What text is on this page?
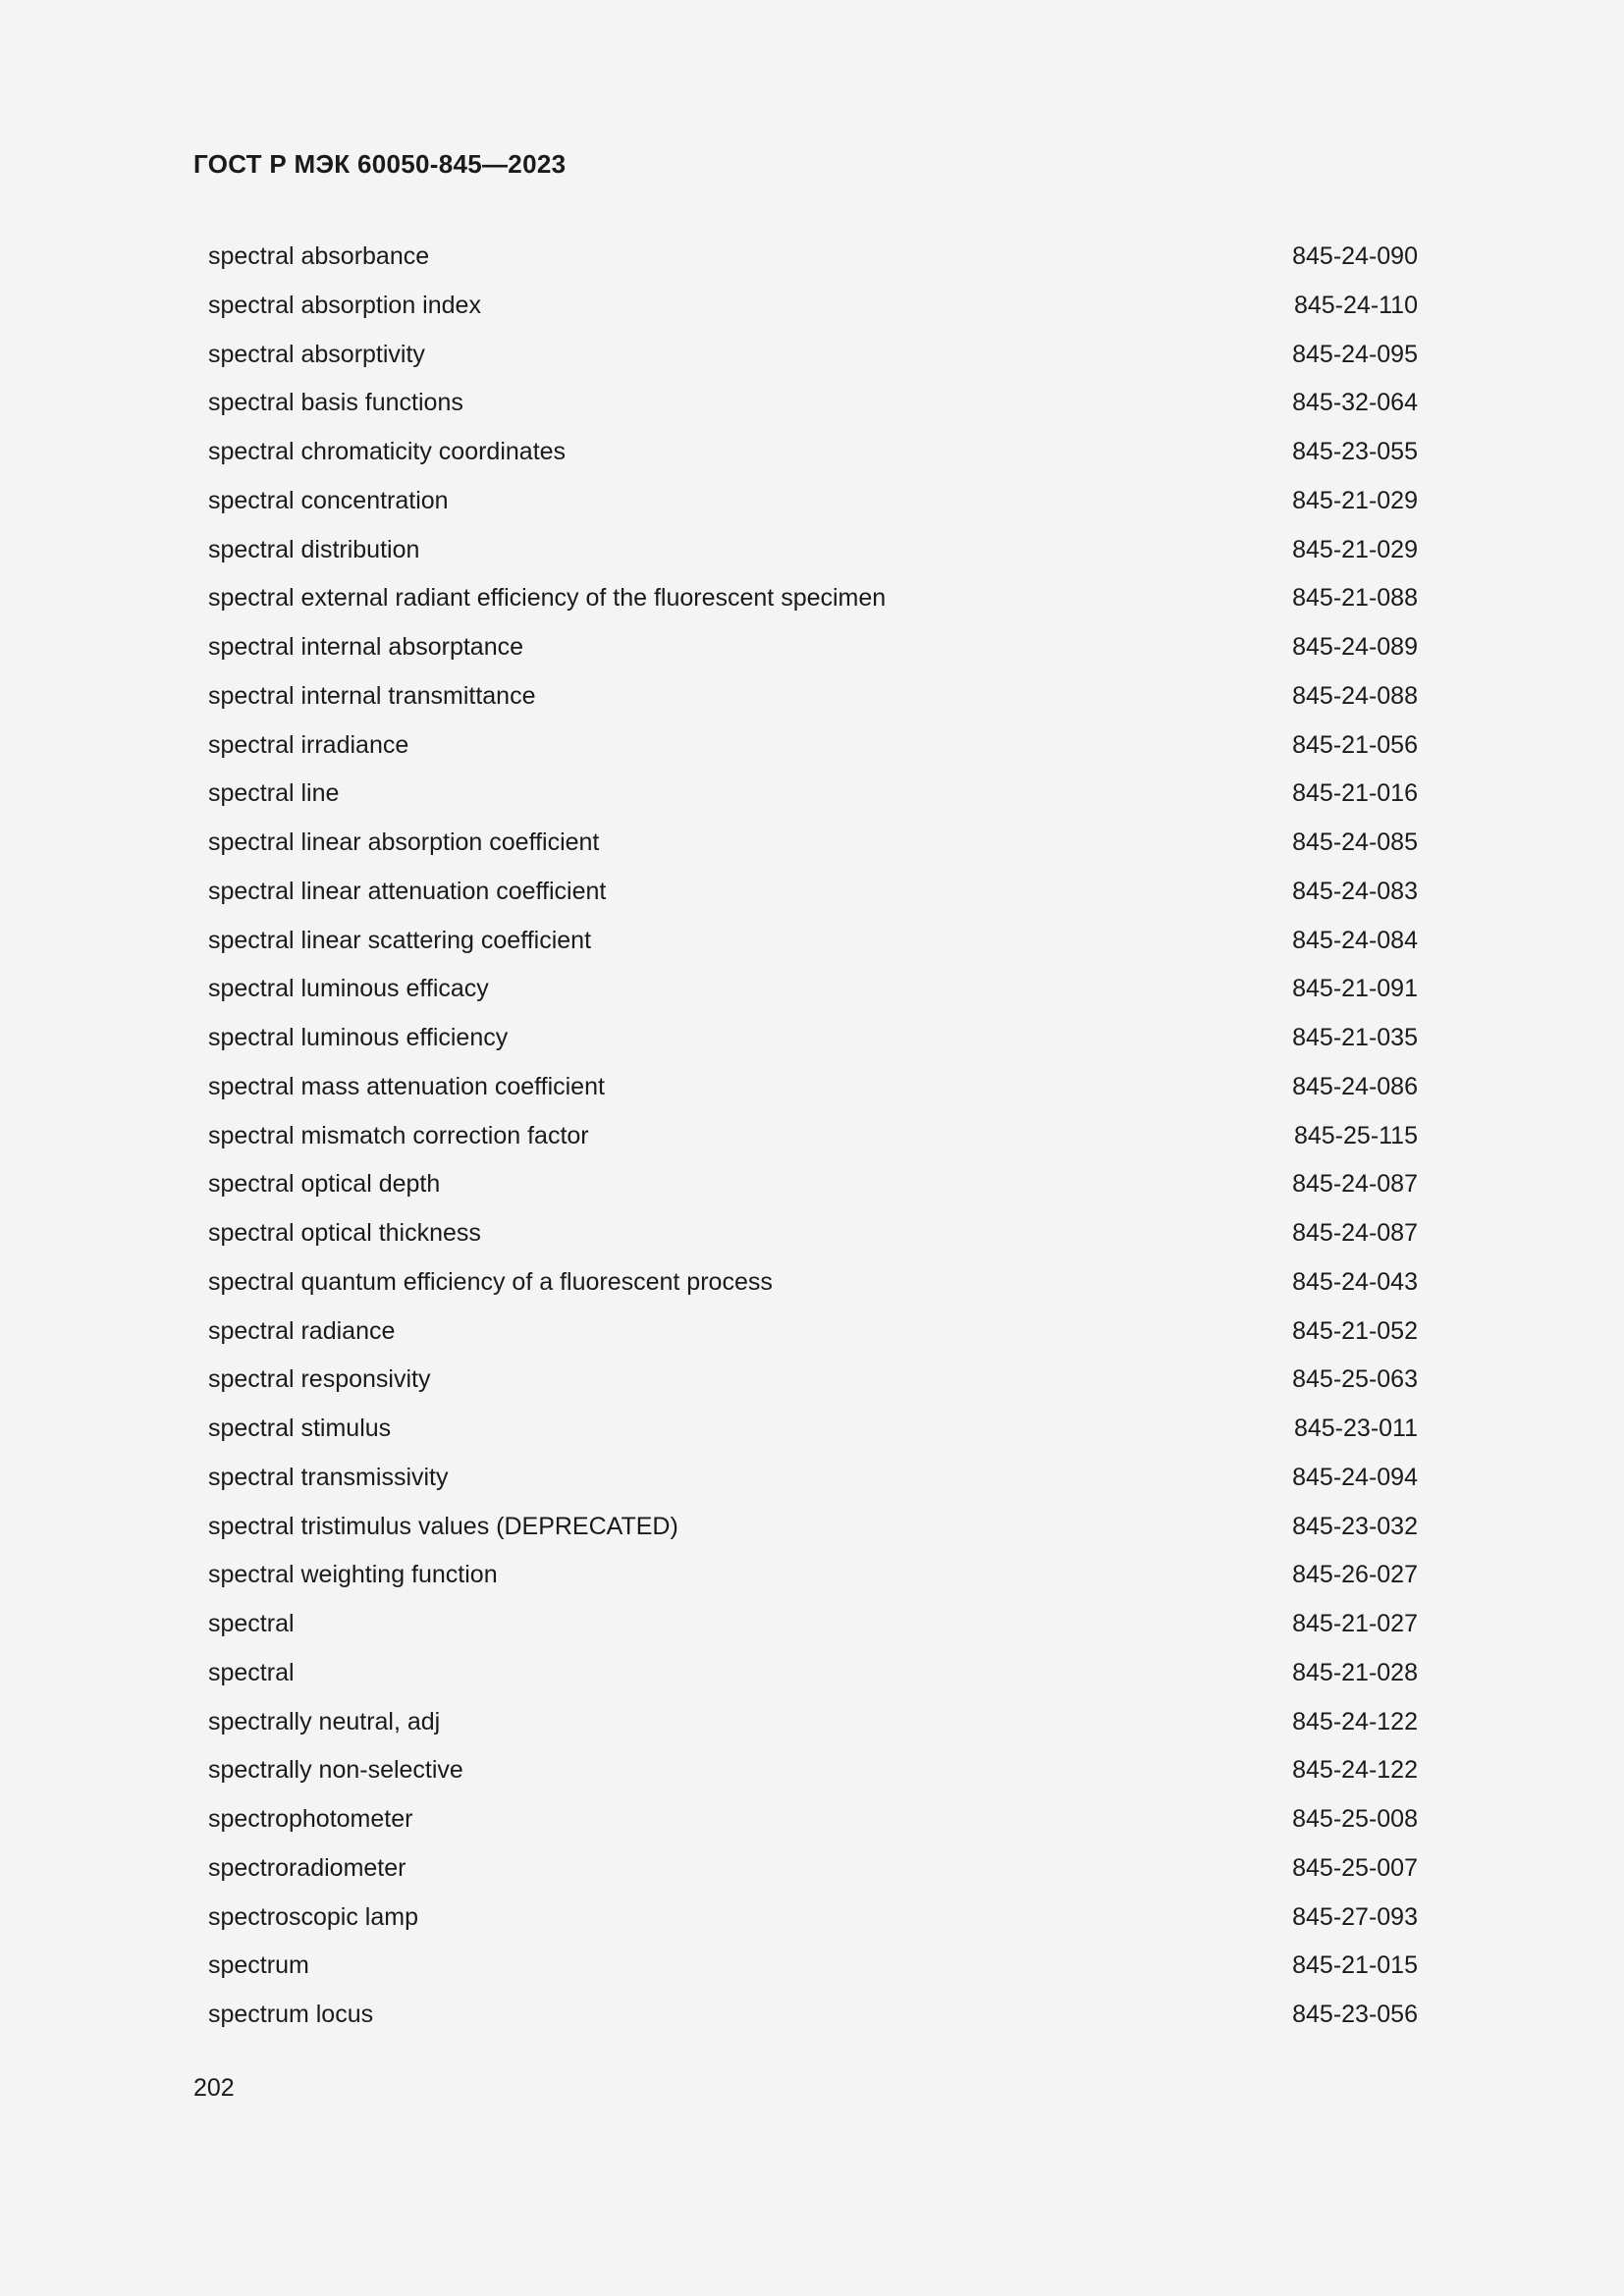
ГОСТ Р МЭК 60050-845—2023
spectral absorbance	845-24-090
spectral absorption index	845-24-110
spectral absorptivity	845-24-095
spectral basis functions	845-32-064
spectral chromaticity coordinates	845-23-055
spectral concentration	845-21-029
spectral distribution	845-21-029
spectral external radiant efficiency of the fluorescent specimen	845-21-088
spectral internal absorptance	845-24-089
spectral internal transmittance	845-24-088
spectral irradiance	845-21-056
spectral line	845-21-016
spectral linear absorption coefficient	845-24-085
spectral linear attenuation coefficient	845-24-083
spectral linear scattering coefficient	845-24-084
spectral luminous efficacy	845-21-091
spectral luminous efficiency	845-21-035
spectral mass attenuation coefficient	845-24-086
spectral mismatch correction factor	845-25-115
spectral optical depth	845-24-087
spectral optical thickness	845-24-087
spectral quantum efficiency of a fluorescent process	845-24-043
spectral radiance	845-21-052
spectral responsivity	845-25-063
spectral stimulus	845-23-011
spectral transmissivity	845-24-094
spectral tristimulus values (DEPRECATED)	845-23-032
spectral weighting function	845-26-027
spectral	845-21-027
spectral	845-21-028
spectrally neutral, adj	845-24-122
spectrally non-selective	845-24-122
spectrophotometer	845-25-008
spectroradiometer	845-25-007
spectroscopic lamp	845-27-093
spectrum	845-21-015
spectrum locus	845-23-056
202
